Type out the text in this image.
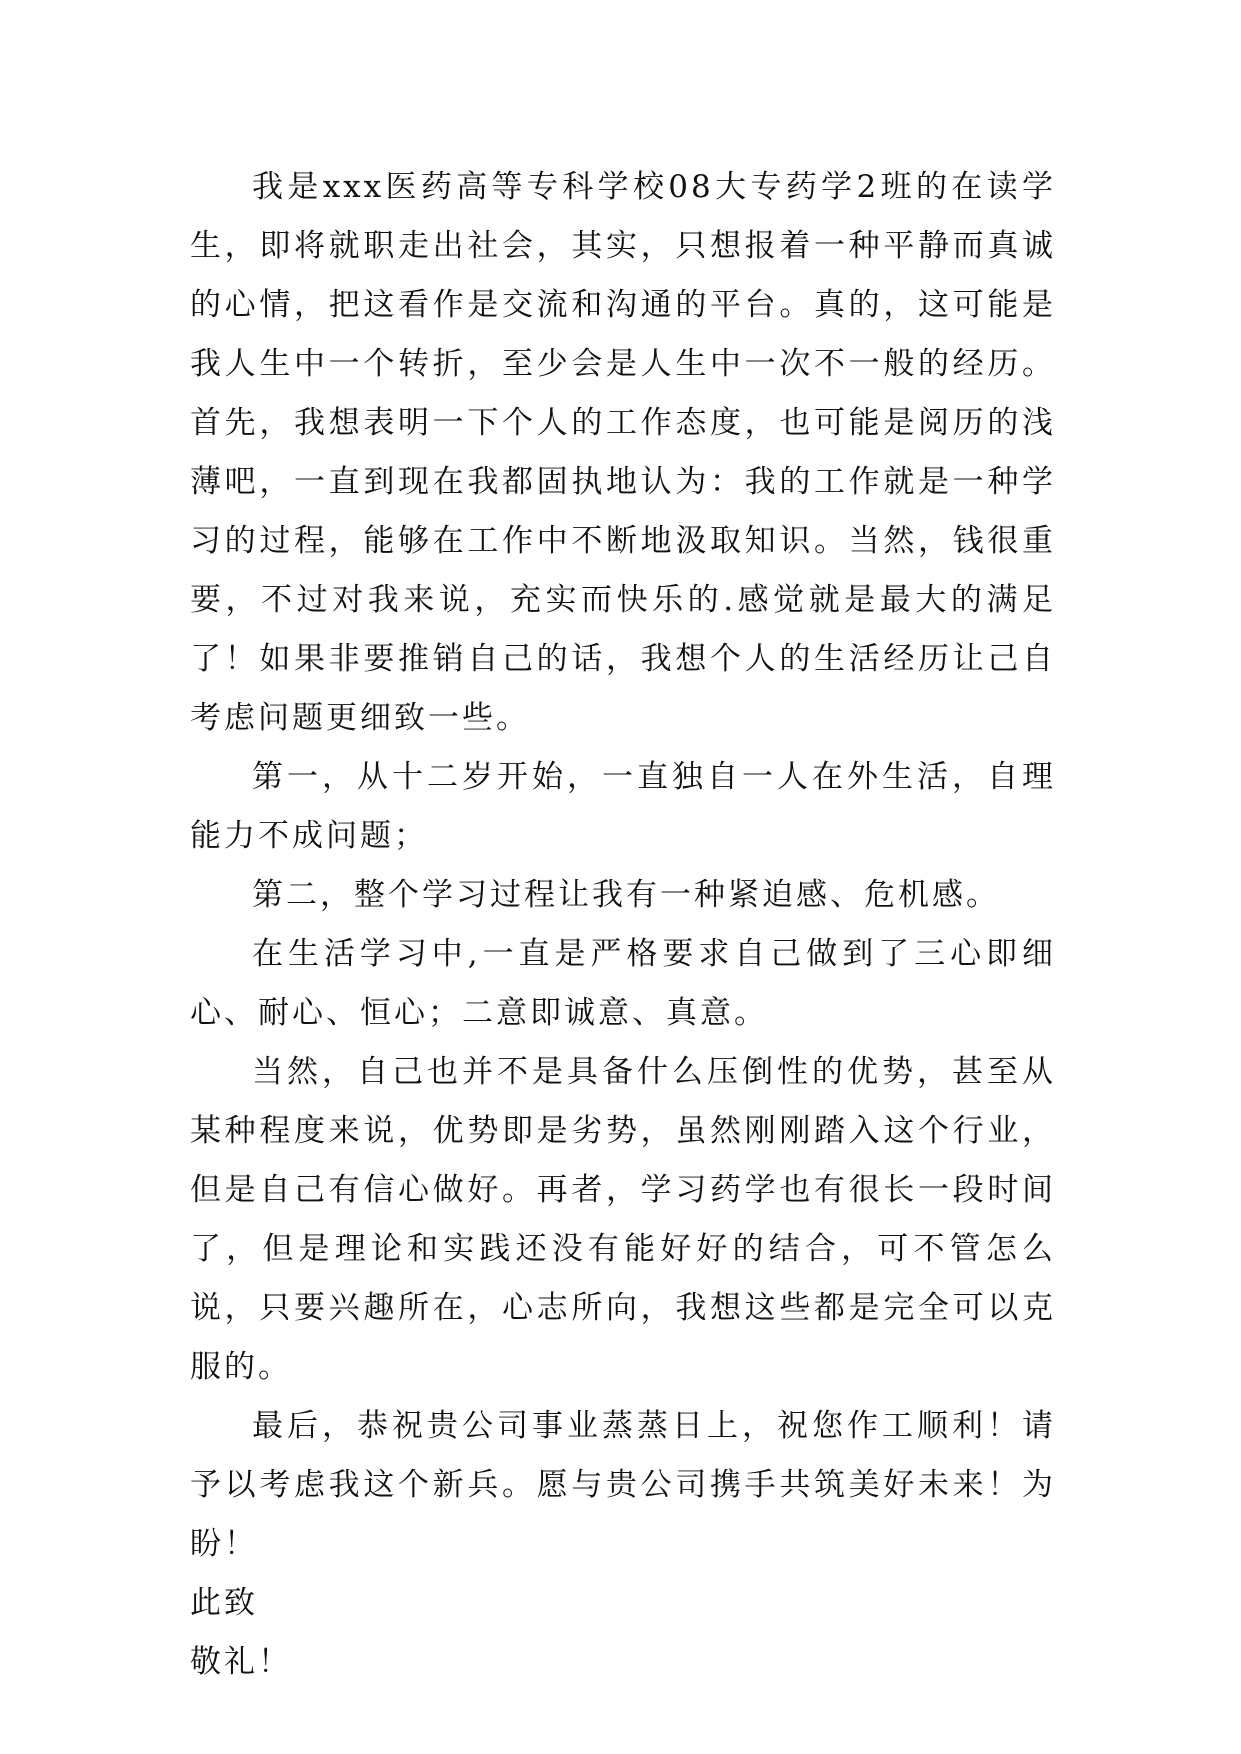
我是xxx医药高等专科学校08大专药学2班的在读学生，即将就职走出社会，其实，只想报着一种平静而真诚的心情，把这看作是交流和沟通的平台。真的，这可能是我人生中一个转折，至少会是人生中一次不一般的经历。首先，我想表明一下个人的工作态度，也可能是阅历的浅薄吧，一直到现在我都固执地认为：我的工作就是一种学习的过程，能够在工作中不断地汲取知识。当然，钱很重要，不过对我来说，充实而快乐的.感觉就是最大的满足了！如果非要推销自己的话，我想个人的生活经历让己自考虑问题更细致一些。

第一，从十二岁开始，一直独自一人在外生活，自理能力不成问题；

第二，整个学习过程让我有一种紧迫感、危机感。

在生活学习中,一直是严格要求自己做到了三心即细心、耐心、恒心；二意即诚意、真意。

当然，自己也并不是具备什么压倒性的优势，甚至从某种程度来说，优势即是劣势，虽然刚刚踏入这个行业，但是自己有信心做好。再者，学习药学也有很长一段时间了，但是理论和实践还没有能好好的结合，可不管怎么说，只要兴趣所在，心志所向，我想这些都是完全可以克服的。

最后，恭祝贵公司事业蒸蒸日上，祝您作工顺利！请予以考虑我这个新兵。愿与贵公司携手共筑美好未来！为盼！

此致

敬礼！
